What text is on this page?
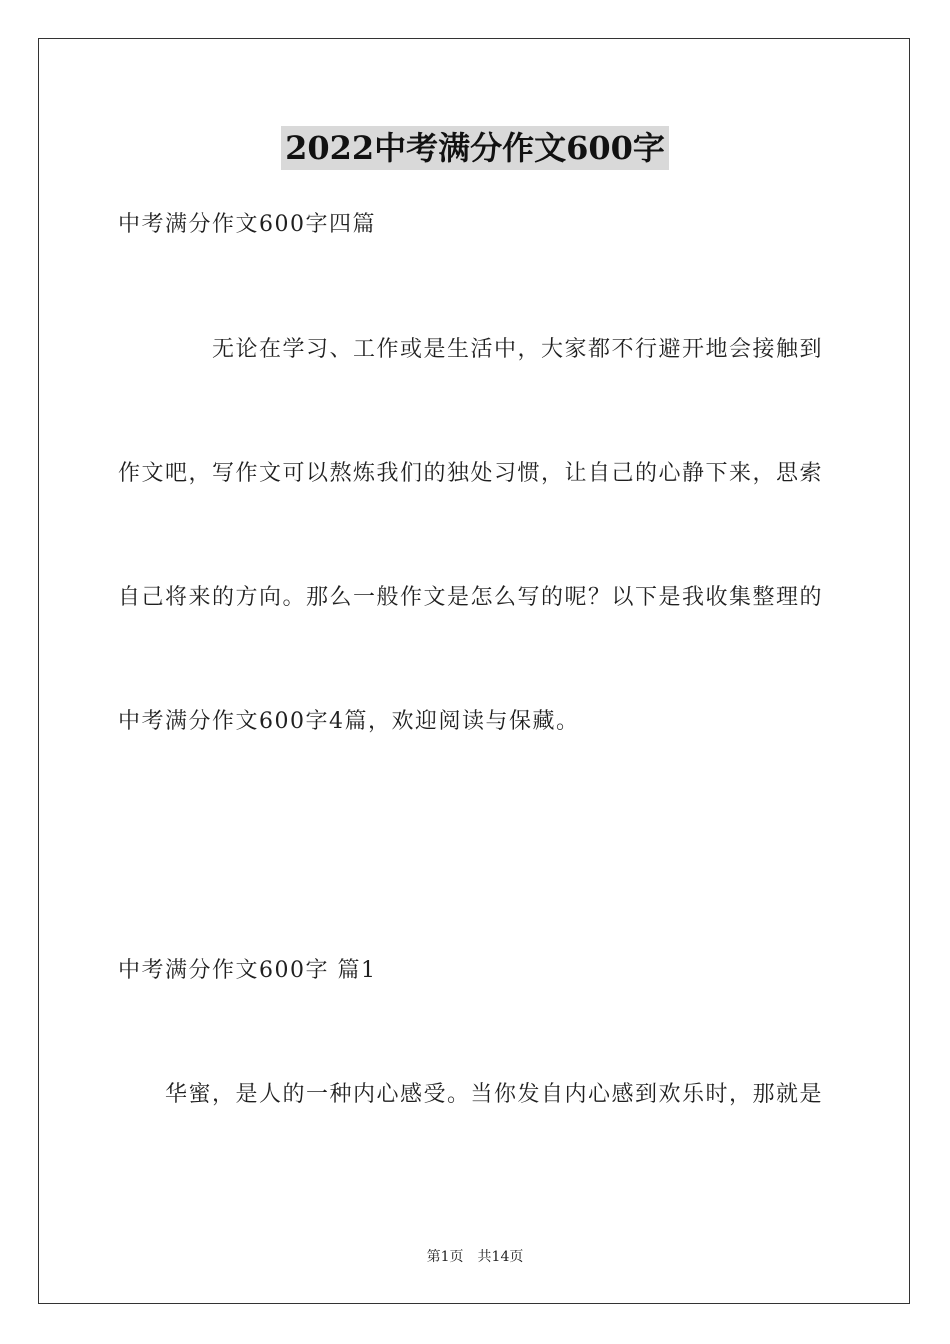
2022中考满分作文600字
中考满分作文600字四篇
无论在学习、工作或是生活中，大家都不行避开地会接触到
作文吧，写作文可以熬炼我们的独处习惯，让自己的心静下来，思索
自己将来的方向。那么一般作文是怎么写的呢？以下是我收集整理的
中考满分作文600字4篇，欢迎阅读与保藏。
中考满分作文600字 篇1
华蜜，是人的一种内心感受。当你发自内心感到欢乐时，那就是
第1页 共14页
